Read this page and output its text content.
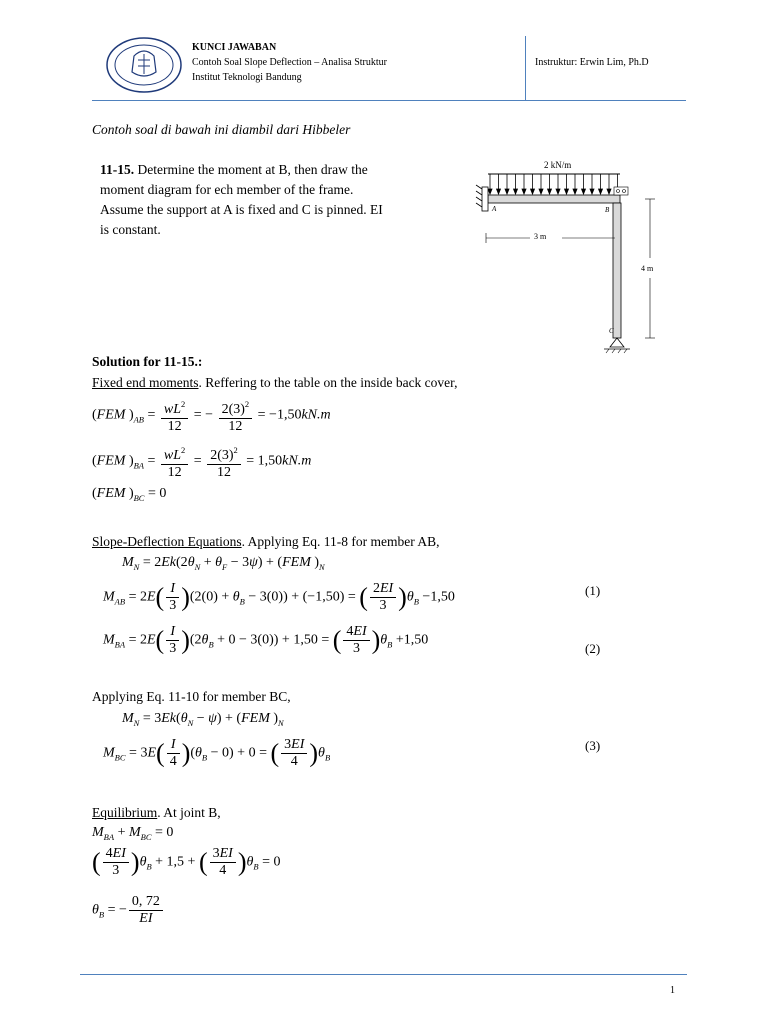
KUNCI JAWABAN
Contoh Soal Slope Deflection – Analisa Struktur
Institut Teknologi Bandung
Instruktur: Erwin Lim, Ph.D
Contoh soal di bawah ini diambil dari Hibbeler
11-15. Determine the moment at B, then draw the
moment diagram for ech member of the frame.
Assume the support at A is fixed and C is pinned. EI
is constant.
2 kN/m
A	B
C
3 m
4 m
Solution for 11-15.:
Fixed end moments. Reffering to the table on the inside back cover,
(FEM )$_{AB} = \frac{wL^2}{12}$ = − $\frac{2(3)^2}{12} = -1,50kN.m$
(FEM )$_{BA} = \frac{wL^2}{12} = \frac{2(3)^2}{12} = 1,50kN.m$
(FEM )$_{BC} = 0$
Slope-Deflection Equations. Applying Eq. 11-8 for member AB,
$M_N = 2Ek(2\theta_N + \theta_F - 3\psi) + (FEM$ )$_N$
$M_{AB} = 2E( \frac{I}{3} )(2(0) + \theta_B - 3(0)) + (-1,50)$ = ( $\frac{2EI}{3} )\theta_B -1,50$	(1)
$M_{BA} = 2E( \frac{I}{3} )(2\theta_B + 0 - 3(0)) + 1,50$ = ( $\frac{4EI}{3} )\theta_B +1,50$
(2)
Applying Eq. 11-10 for member BC,
$M_N = 3Ek(\theta_N - \psi) + (FEM$ )$_N$
$M_{BC} = 3E( \frac{I}{4} )(\theta_B - 0) + 0$ = ( $\frac{3EI}{4} )\theta_B$
(3)
Equilibrium. At joint B,
$M_{BA} + M_{BC} = 0$
( $\frac{4EI}{3} )\theta_B + 1,5$ + ( $\frac{3EI}{4} )\theta_B = 0$
$\theta_B$ = − $\frac{0, 72}{EI}$
1
